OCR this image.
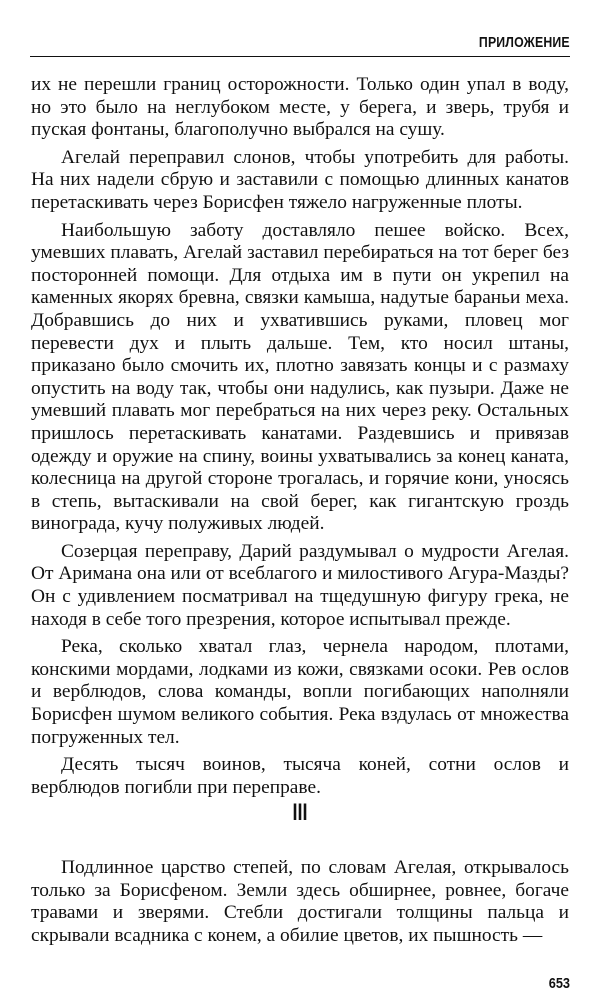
ПРИЛОЖЕНИЕ

их не перешли границ осторожности. Только один упал в воду, но это было на неглубоком месте, у берега, и зверь, трубя и пуская фонтаны, благополучно выбрался на сушу.

Агелай переправил слонов, чтобы употребить для работы. На них надели сбрую и заставили с помощью длинных канатов перетаскивать через Борисфен тяжело нагруженные плоты.

Наибольшую заботу доставляло пешее войско. Всех, умевших плавать, Агелай заставил перебираться на тот берег без посторонней помощи. Для отдыха им в пути он укрепил на каменных якорях бревна, связки камыша, надутые бараньи меха. Добравшись до них и ухватившись руками, пловец мог перевести дух и плыть дальше. Тем, кто носил штаны, приказано было смочить их, плотно завязать концы и с размаху опустить на воду так, чтобы они надулись, как пузыри. Даже не умевший плавать мог перебраться на них через реку. Остальных пришлось перетаскивать канатами. Раздевшись и привязав одежду и оружие на спину, воины ухватывались за конец каната, колесница на другой стороне трогалась, и горячие кони, уносясь в степь, вытаскивали на свой берег, как гигантскую гроздь винограда, кучу полуживых людей.

Созерцая переправу, Дарий раздумывал о мудрости Агелая. От Аримана она или от всеблагого и милостивого Агура-Мазды? Он с удивлением посматривал на тщедушную фигуру грека, не находя в себе того презрения, которое испытывал прежде.

Река, сколько хватал глаз, чернела народом, плотами, конскими мордами, лодками из кожи, связками осоки. Рев ослов и верблюдов, слова команды, вопли погибающих наполняли Борисфен шумом великого события. Река вздулась от множества погруженных тел.

Десять тысяч воинов, тысяча коней, сотни ослов и верблюдов погибли при переправе.

III

Подлинное царство степей, по словам Агелая, открывалось только за Борисфеном. Земли здесь обширнее, ровнее, богаче травами и зверями. Стебли достигали толщины пальца и скрывали всадника с конем, а обилие цветов, их пышность —

653
